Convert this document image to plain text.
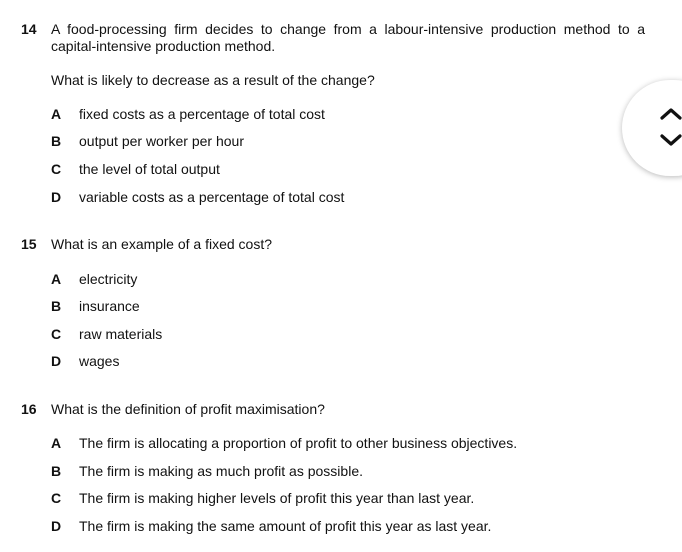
14 A food-processing firm decides to change from a labour-intensive production method to a
capital-intensive production method.
What is likely to decrease as a result of the change?
A fixed costs as a percentage of total cost
B output per worker per hour
C the level of total output
D variable costs as a percentage of total cost
15 What is an example of a fixed cost?
A electricity
B insurance
C raw materials
D wages
16 What is the definition of profit maximisation?
A The firm is allocating a proportion of profit to other business objectives.
B The firm is making as much profit as possible.
C The firm is making higher levels of profit this year than last year.
D The firm is making the same amount of profit this year as last year.
